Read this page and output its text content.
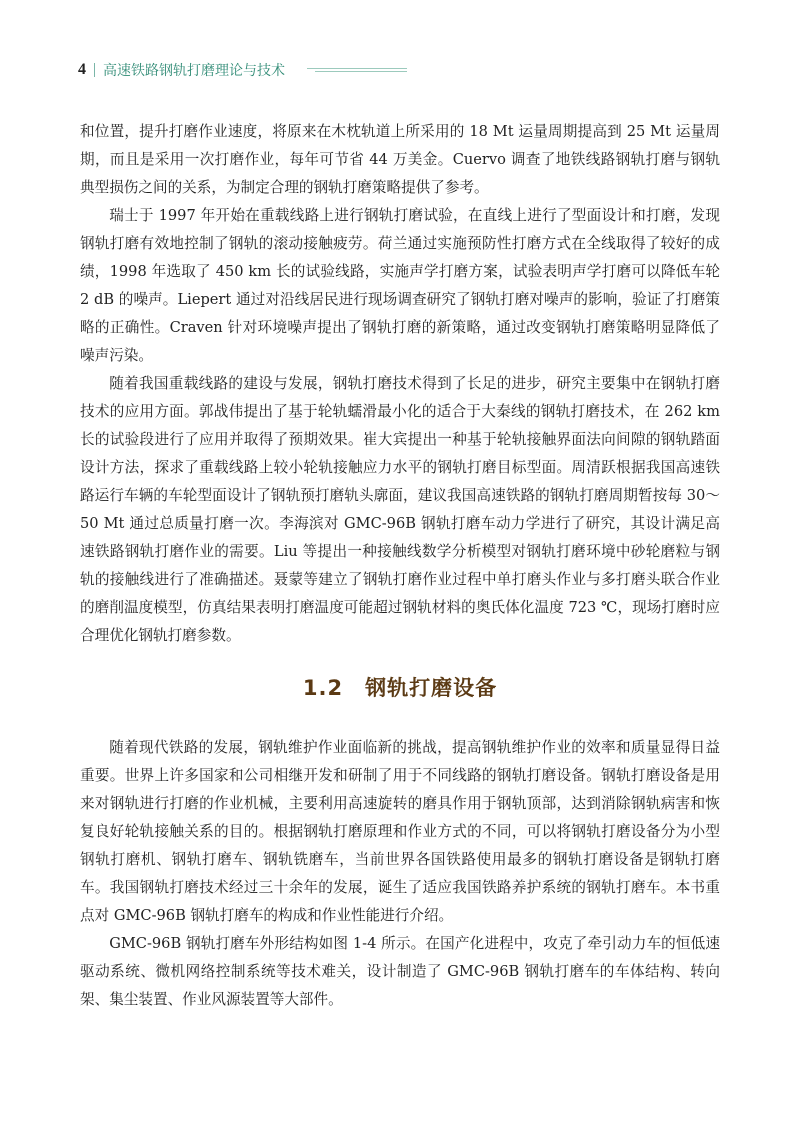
4 高速铁路钢轨打磨理论与技术

和位置，提升打磨作业速度，将原来在木枕轨道上所采用的 18 Mt 运量周期提高到 25 Mt 运量周期，而且是采用一次打磨作业，每年可节省 44 万美金。Cuervo 调查了地铁线路钢轨打磨与钢轨典型损伤之间的关系，为制定合理的钢轨打磨策略提供了参考。

瑞士于 1997 年开始在重载线路上进行钢轨打磨试验，在直线上进行了型面设计和打磨，发现钢轨打磨有效地控制了钢轨的滚动接触疲劳。荷兰通过实施预防性打磨方式在全线取得了较好的成绩，1998 年选取了 450 km 长的试验线路，实施声学打磨方案，试验表明声学打磨可以降低车轮 2 dB 的噪声。Liepert 通过对沿线居民进行现场调查研究了钢轨打磨对噪声的影响，验证了打磨策略的正确性。Craven 针对环境噪声提出了钢轨打磨的新策略，通过改变钢轨打磨策略明显降低了噪声污染。

随着我国重载线路的建设与发展，钢轨打磨技术得到了长足的进步，研究主要集中在钢轨打磨技术的应用方面。郭战伟提出了基于轮轨蠕滑最小化的适合于大秦线的钢轨打磨技术，在 262 km 长的试验段进行了应用并取得了预期效果。崔大宾提出一种基于轮轨接触界面法向间隙的钢轨踏面设计方法，探求了重载线路上较小轮轨接触应力水平的钢轨打磨目标型面。周清跃根据我国高速铁路运行车辆的车轮型面设计了钢轨预打磨轨头廓面，建议我国高速铁路的钢轨打磨周期暂按每 30～50 Mt 通过总质量打磨一次。李海滨对 GMC-96B 钢轨打磨车动力学进行了研究，其设计满足高速铁路钢轨打磨作业的需要。Liu 等提出一种接触线数学分析模型对钢轨打磨环境中砂轮磨粒与钢轨的接触线进行了准确描述。聂蒙等建立了钢轨打磨作业过程中单打磨头作业与多打磨头联合作业的磨削温度模型，仿真结果表明打磨温度可能超过钢轨材料的奥氏体化温度 723 ℃，现场打磨时应合理优化钢轨打磨参数。

1.2 钢轨打磨设备

随着现代铁路的发展，钢轨维护作业面临新的挑战，提高钢轨维护作业的效率和质量显得日益重要。世界上许多国家和公司相继开发和研制了用于不同线路的钢轨打磨设备。钢轨打磨设备是用来对钢轨进行打磨的作业机械，主要利用高速旋转的磨具作用于钢轨顶部，达到消除钢轨病害和恢复良好轮轨接触关系的目的。根据钢轨打磨原理和作业方式的不同，可以将钢轨打磨设备分为小型钢轨打磨机、钢轨打磨车、钢轨铣磨车，当前世界各国铁路使用最多的钢轨打磨设备是钢轨打磨车。我国钢轨打磨技术经过三十余年的发展，诞生了适应我国铁路养护系统的钢轨打磨车。本书重点对 GMC-96B 钢轨打磨车的构成和作业性能进行介绍。

GMC-96B 钢轨打磨车外形结构如图 1-4 所示。在国产化进程中，攻克了牵引动力车的恒低速驱动系统、微机网络控制系统等技术难关，设计制造了 GMC-96B 钢轨打磨车的车体结构、转向架、集尘装置、作业风源装置等大部件。
